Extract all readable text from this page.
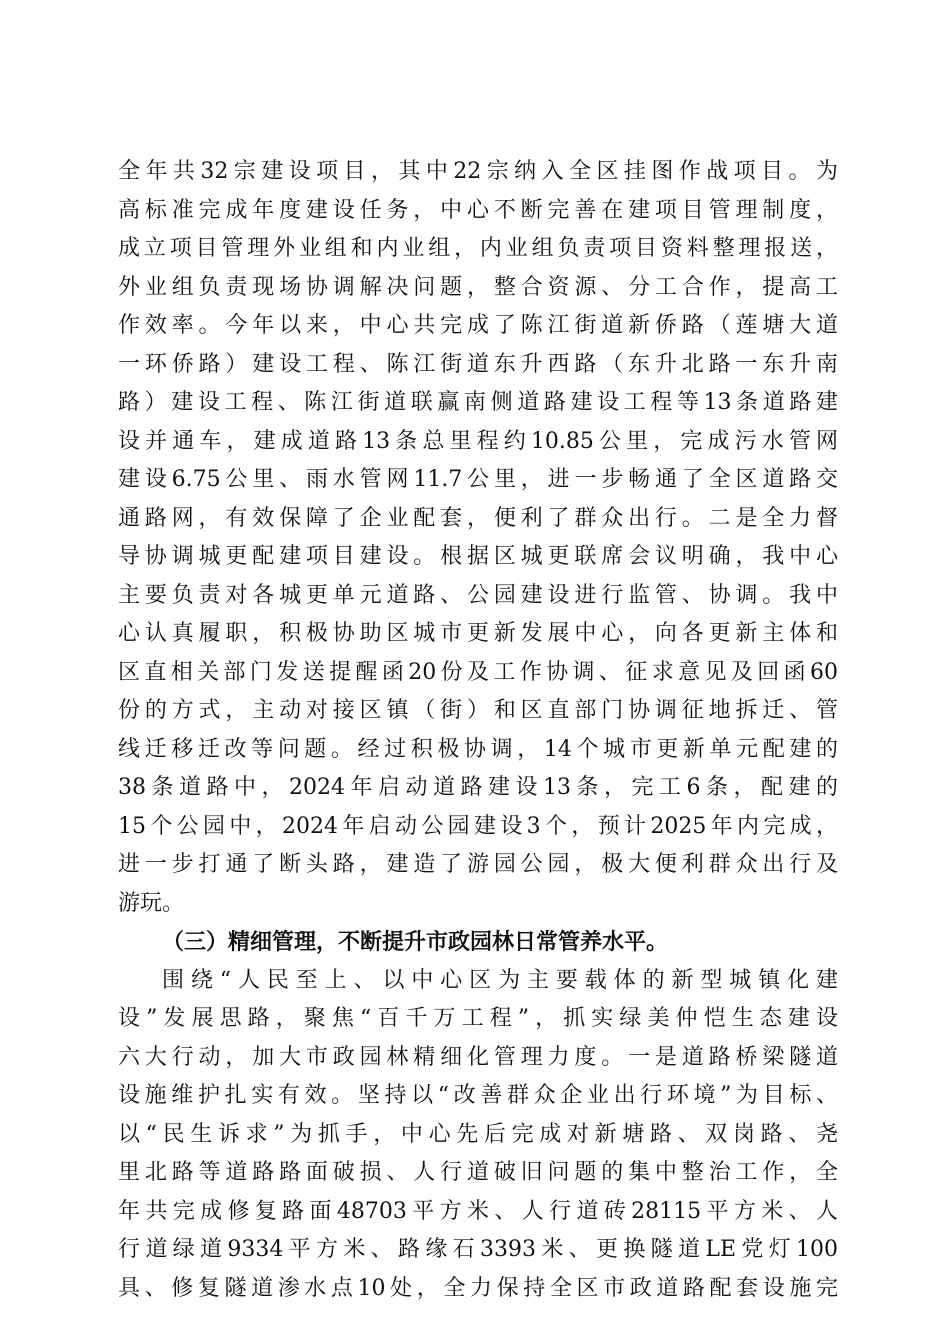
全年共32宗建设项目，其中22宗纳入全区挂图作战项目。为
高标准完成年度建设任务，中心不断完善在建项目管理制度，
成立项目管理外业组和内业组，内业组负责项目资料整理报送，
外业组负责现场协调解决问题，整合资源、分工合作，提高工
作效率。今年以来，中心共完成了陈江街道新侨路（莲塘大道
一环侨路）建设工程、陈江街道东升西路（东升北路一东升南
路）建设工程、陈江街道联赢南侧道路建设工程等13条道路建
设并通车，建成道路13条总里程约10.85公里，完成污水管网
建设6.75公里、雨水管网11.7公里，进一步畅通了全区道路交
通路网，有效保障了企业配套，便利了群众出行。二是全力督
导协调城更配建项目建设。根据区城更联席会议明确，我中心
主要负责对各城更单元道路、公园建设进行监管、协调。我中
心认真履职，积极协助区城市更新发展中心，向各更新主体和
区直相关部门发送提醒函20份及工作协调、征求意见及回函60
份的方式，主动对接区镇（街）和区直部门协调征地拆迁、管
线迁移迁改等问题。经过积极协调，14个城市更新单元配建的
38条道路中，2024年启动道路建设13条，完工6条，配建的
15个公园中，2024年启动公园建设3个，预计2025年内完成，
进一步打通了断头路，建造了游园公园，极大便利群众出行及
游玩。
（三）精细管理，不断提升市政园林日常管养水平。
围绕“人民至上、以中心区为主要载体的新型城镇化建
设”发展思路，聚焦“百千万工程”，抓实绿美仲恺生态建设
六大行动，加大市政园林精细化管理力度。一是道路桥梁隧道
设施维护扎实有效。坚持以“改善群众企业出行环境”为目标、
以“民生诉求”为抓手，中心先后完成对新塘路、双岗路、尧
里北路等道路路面破损、人行道破旧问题的集中整治工作，全
年共完成修复路面48703平方米、人行道砖28115平方米、人
行道绿道9334平方米、路缘石3393米、更换隧道LE党灯100
具、修复隧道渗水点10处，全力保持全区市政道路配套设施完
